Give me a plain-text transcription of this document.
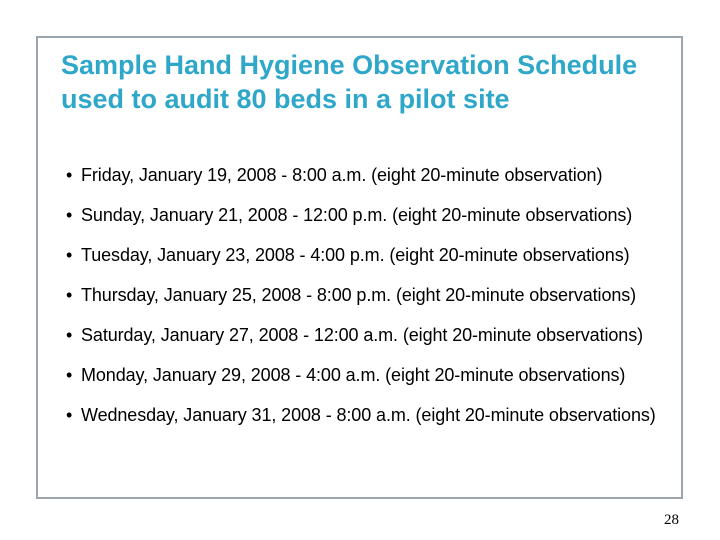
Sample Hand Hygiene Observation Schedule used to audit 80 beds in a pilot site
• Friday, January 19, 2008 - 8:00 a.m. (eight 20-minute observation)
• Sunday, January 21, 2008 - 12:00 p.m. (eight 20-minute observations)
• Tuesday, January 23, 2008 - 4:00 p.m. (eight 20-minute observations)
• Thursday, January 25, 2008 - 8:00 p.m. (eight 20-minute observations)
• Saturday, January 27, 2008 - 12:00 a.m. (eight 20-minute observations)
• Monday, January 29, 2008 - 4:00 a.m. (eight 20-minute observations)
• Wednesday, January 31, 2008 - 8:00 a.m. (eight 20-minute observations)
28
